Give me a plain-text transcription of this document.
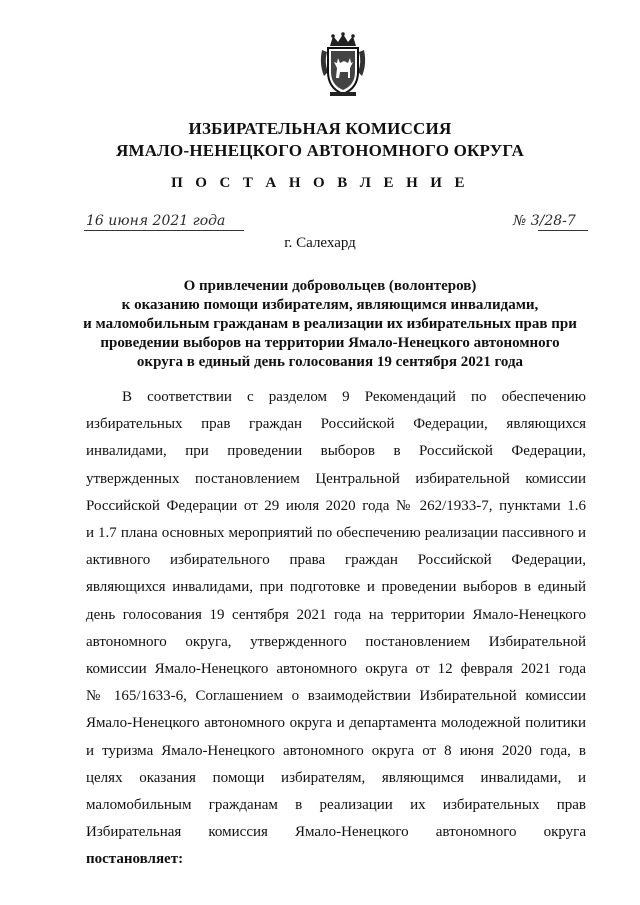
ИЗБИРАТЕЛЬНАЯ КОМИССИЯ
ЯМАЛО-НЕНЕЦКОГО АВТОНОМНОГО ОКРУГА
П О С Т А Н О В Л Е Н И Е
16 июня 2021 года	№ 3/28-7
г. Салехард
О привлечении добровольцев (волонтеров)
к оказанию помощи избирателям, являющимся инвалидами,
и маломобильным гражданам в реализации их избирательных прав при
проведении выборов на территории Ямало-Ненецкого автономного
округа в единый день голосования 19 сентября 2021 года

В соответствии с разделом 9 Рекомендаций по обеспечению

избирательных прав граждан Российской Федерации, являющихся

инвалидами, при проведении выборов в Российской Федерации,

утвержденных постановлением Центральной избирательной комиссии

Российской Федерации от 29 июля 2020 года № 262/1933-7, пунктами 1.6

и 1.7 плана основных мероприятий по обеспечению реализации пассивного и

активного избирательного права граждан Российской Федерации,

являющихся инвалидами, при подготовке и проведении выборов в единый

день голосования 19 сентября 2021 года на территории Ямало-Ненецкого

автономного округа, утвержденного постановлением Избирательной

комиссии Ямало-Ненецкого автономного округа от 12 февраля 2021 года

№ 165/1633-6, Соглашением о взаимодействии Избирательной комиссии

Ямало-Ненецкого автономного округа и департамента молодежной политики

и туризма Ямало-Ненецкого автономного округа от 8 июня 2020 года, в

целях оказания помощи избирателям, являющимся инвалидами, и

маломобильным гражданам в реализации их избирательных прав

Избирательная комиссия Ямало-Ненецкого автономного округа

постановляет:
